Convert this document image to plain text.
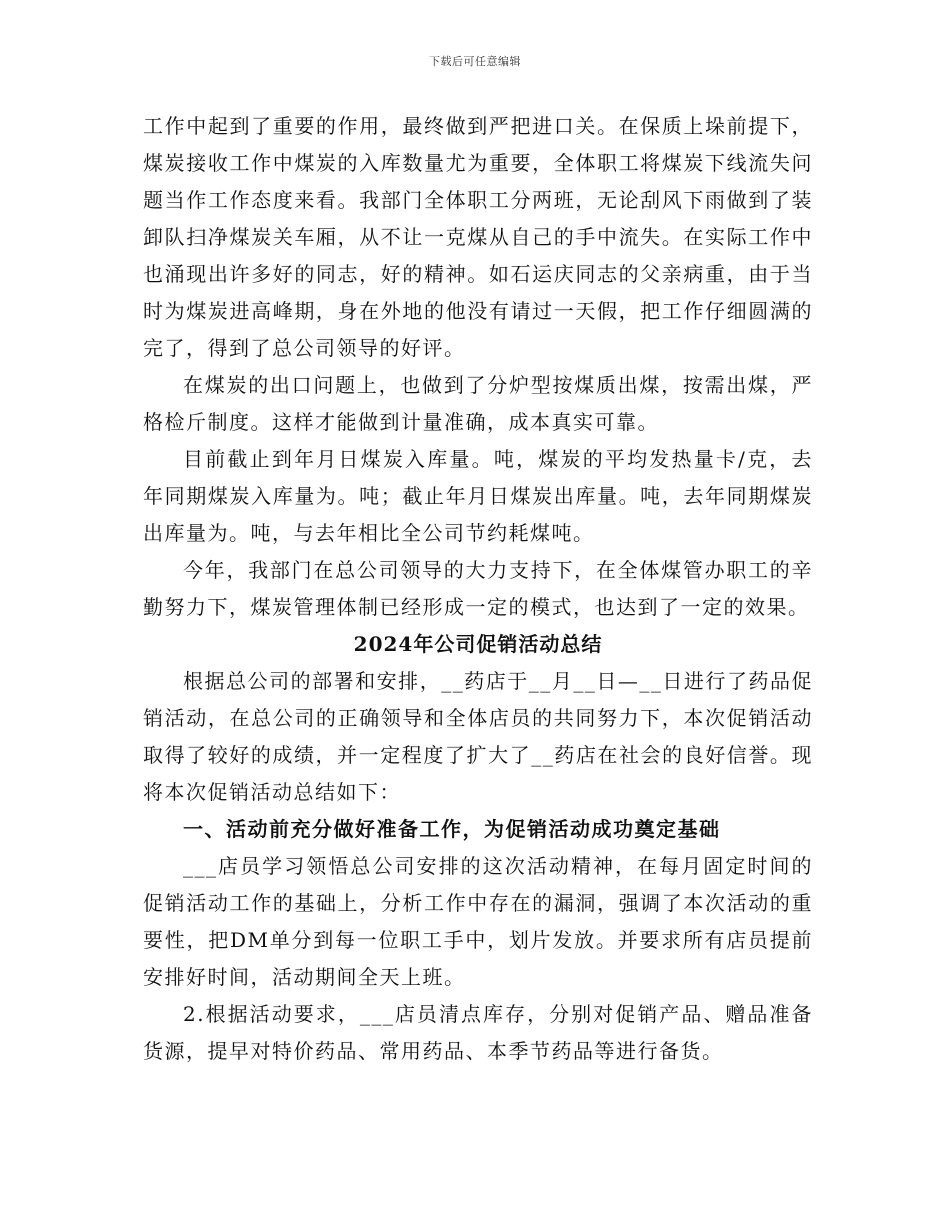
下载后可任意编辑

工作中起到了重要的作用，最终做到严把进口关。在保质上垛前提下，煤炭接收工作中煤炭的入库数量尤为重要，全体职工将煤炭下线流失问题当作工作态度来看。我部门全体职工分两班，无论刮风下雨做到了装卸队扫净煤炭关车厢，从不让一克煤从自己的手中流失。在实际工作中也涌现出许多好的同志，好的精神。如石运庆同志的父亲病重，由于当时为煤炭进高峰期，身在外地的他没有请过一天假，把工作仔细圆满的完了，得到了总公司领导的好评。

在煤炭的出口问题上，也做到了分炉型按煤质出煤，按需出煤，严格检斤制度。这样才能做到计量准确，成本真实可靠。

目前截止到年月日煤炭入库量。吨，煤炭的平均发热量卡/克，去年同期煤炭入库量为。吨；截止年月日煤炭出库量。吨，去年同期煤炭出库量为。吨，与去年相比全公司节约耗煤吨。

今年，我部门在总公司领导的大力支持下，在全体煤管办职工的辛勤努力下，煤炭管理体制已经形成一定的模式，也达到了一定的效果。

2024年公司促销活动总结

根据总公司的部署和安排，__药店于__月__日—__日进行了药品促销活动，在总公司的正确领导和全体店员的共同努力下，本次促销活动取得了较好的成绩，并一定程度了扩大了__药店在社会的良好信誉。现将本次促销活动总结如下：

一、活动前充分做好准备工作，为促销活动成功奠定基础

___店员学习领悟总公司安排的这次活动精神，在每月固定时间的促销活动工作的基础上，分析工作中存在的漏洞，强调了本次活动的重要性，把DM单分到每一位职工手中，划片发放。并要求所有店员提前安排好时间，活动期间全天上班。

2.根据活动要求，___店员清点库存，分别对促销产品、赠品准备货源，提早对特价药品、常用药品、本季节药品等进行备货。
